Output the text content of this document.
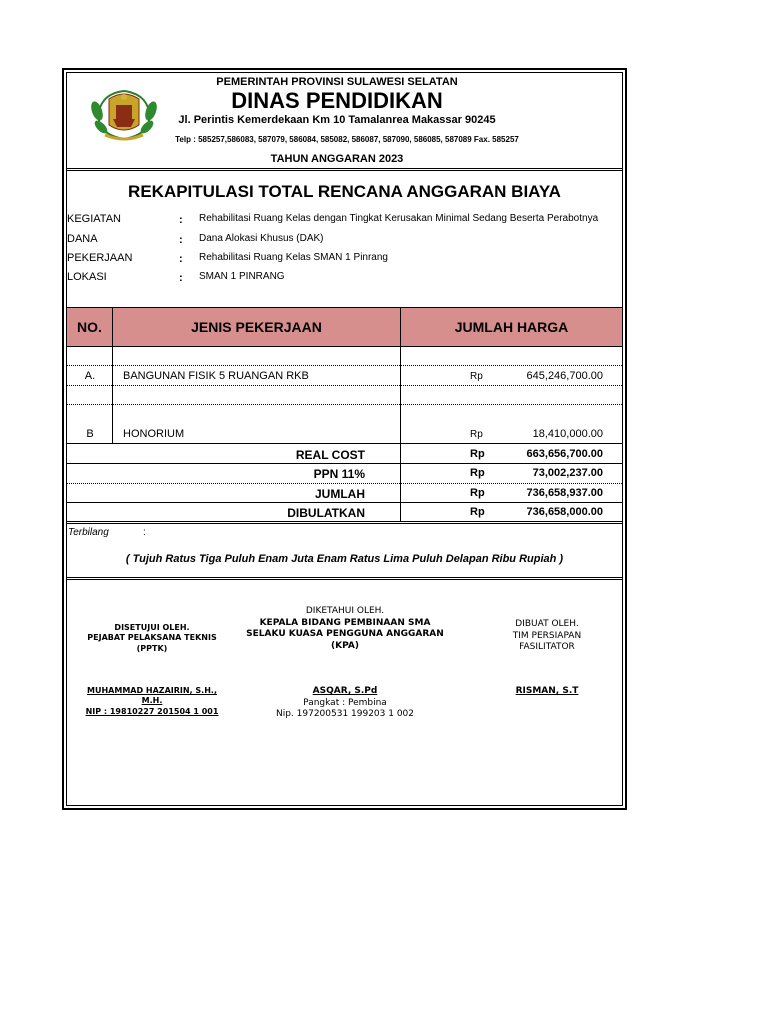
PEMERINTAH PROVINSI SULAWESI SELATAN
DINAS PENDIDIKAN
Jl. Perintis Kemerdekaan Km 10 Tamalanrea Makassar 90245
Telp : 585257,586083, 587079, 586084, 585082, 586087, 587090, 586085, 587089 Fax. 585257
TAHUN ANGGARAN 2023
REKAPITULASI TOTAL RENCANA ANGGARAN BIAYA
KEGIATAN	: Rehabilitasi Ruang Kelas dengan Tingkat Kerusakan Minimal Sedang Beserta Perabotnya
DANA	: Dana Alokasi Khusus (DAK)
PEKERJAAN	: Rehabilitasi Ruang Kelas SMAN 1 Pinrang
LOKASI	: SMAN 1 PINRANG
NO.	JENIS PEKERJAAN	JUMLAH HARGA
A.	BANGUNAN FISIK 5 RUANGAN RKB	Rp	645,246,700.00
B	HONORIUM	Rp	18,410,000.00
REAL COST	Rp	663,656,700.00
PPN 11%	Rp	73,002,237.00
JUMLAH	Rp	736,658,937.00
DIBULATKAN	Rp	736,658,000.00
Terbilang	:
( Tujuh Ratus Tiga Puluh Enam Juta Enam Ratus Lima Puluh Delapan Ribu Rupiah )
DISETUJUI OLEH.
PEJABAT PELAKSANA TEKNIS
(PPTK)
MUHAMMAD HAZAIRIN, S.H., M.H.
NIP : 19810227 201504 1 001
DIKETAHUI OLEH.
KEPALA BIDANG PEMBINAAN SMA
SELAKU KUASA PENGGUNA ANGGARAN
(KPA)
ASQAR, S.Pd
Pangkat : Pembina
Nip. 197200531 199203 1 002
DIBUAT OLEH.
TIM PERSIAPAN
FASILITATOR
RISMAN, S.T
